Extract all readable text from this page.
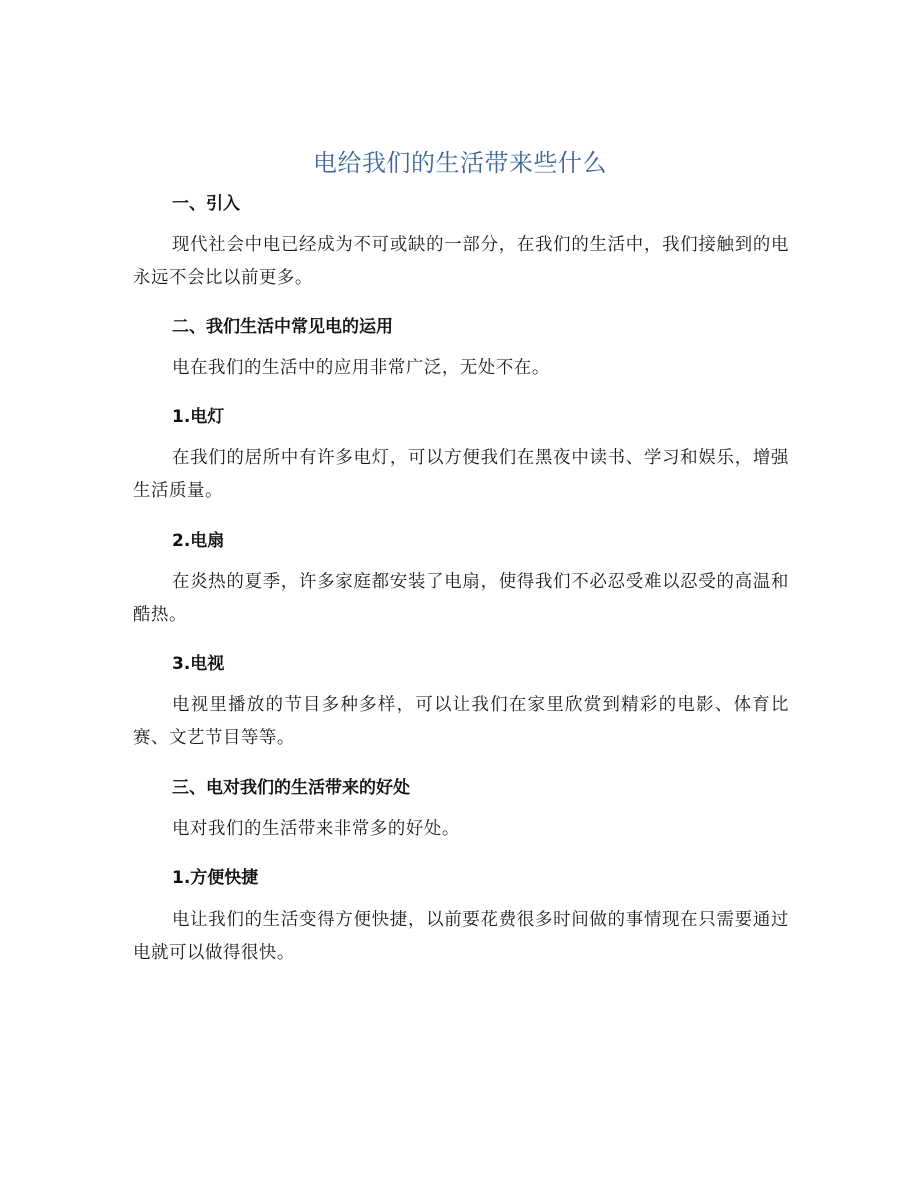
电给我们的生活带来些什么
一、引入

现代社会中电已经成为不可或缺的一部分，在我们的生活中，我们接触到的电永远不会比以前更多。

二、我们生活中常见电的运用

电在我们的生活中的应用非常广泛，无处不在。

1.电灯

在我们的居所中有许多电灯，可以方便我们在黑夜中读书、学习和娱乐，增强生活质量。

2.电扇

在炎热的夏季，许多家庭都安装了电扇，使得我们不必忍受难以忍受的高温和酷热。

3.电视

电视里播放的节目多种多样，可以让我们在家里欣赏到精彩的电影、体育比赛、文艺节目等等。

三、电对我们的生活带来的好处

电对我们的生活带来非常多的好处。

1.方便快捷

电让我们的生活变得方便快捷，以前要花费很多时间做的事情现在只需要通过电就可以做得很快。
